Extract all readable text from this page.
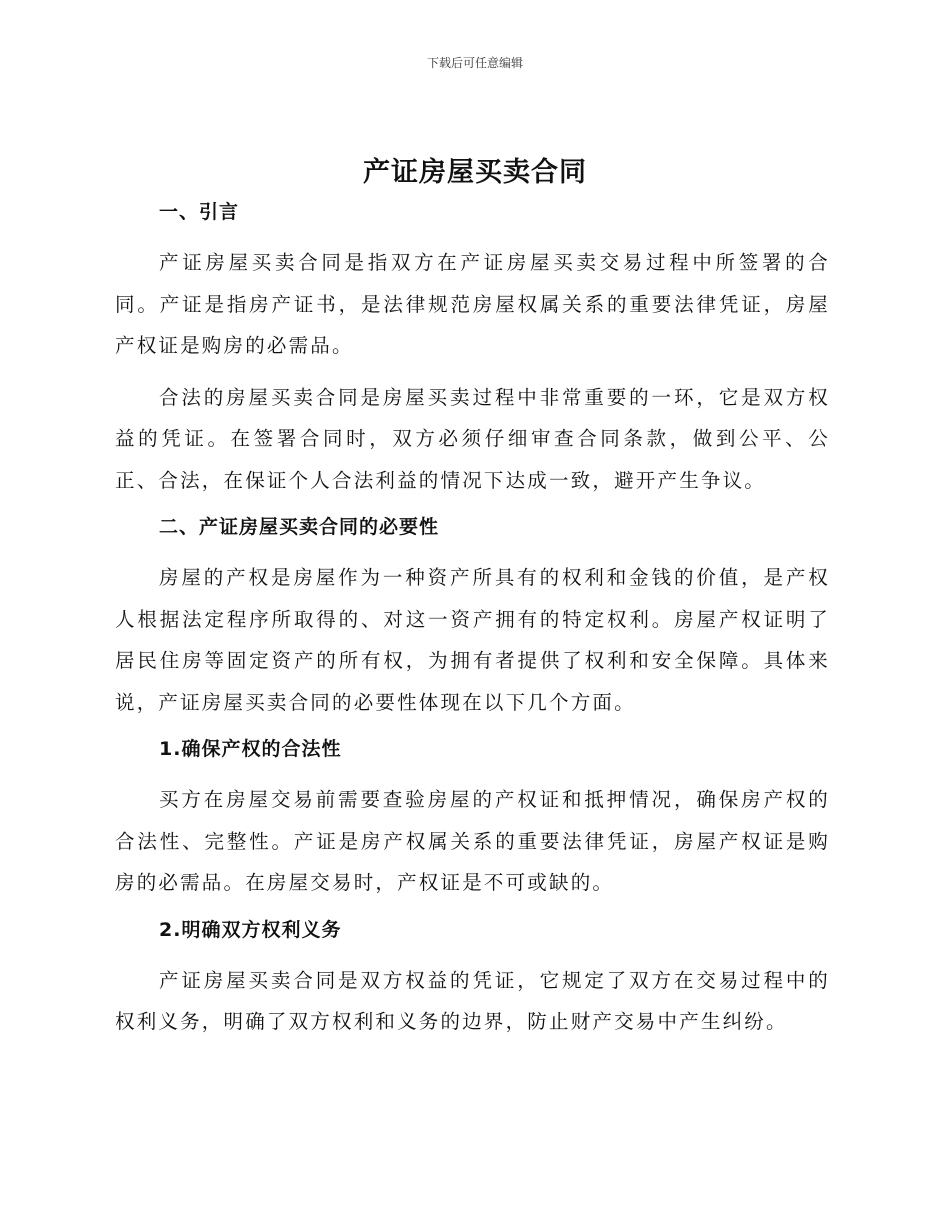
下载后可任意编辑
产证房屋买卖合同
一、引言

产证房屋买卖合同是指双方在产证房屋买卖交易过程中所签署的合同。产证是指房产证书，是法律规范房屋权属关系的重要法律凭证，房屋产权证是购房的必需品。

合法的房屋买卖合同是房屋买卖过程中非常重要的一环，它是双方权益的凭证。在签署合同时，双方必须仔细审查合同条款，做到公平、公正、合法，在保证个人合法利益的情况下达成一致，避开产生争议。

二、产证房屋买卖合同的必要性

房屋的产权是房屋作为一种资产所具有的权利和金钱的价值，是产权人根据法定程序所取得的、对这一资产拥有的特定权利。房屋产权证明了居民住房等固定资产的所有权，为拥有者提供了权利和安全保障。具体来说，产证房屋买卖合同的必要性体现在以下几个方面。

1.确保产权的合法性

买方在房屋交易前需要查验房屋的产权证和抵押情况，确保房产权的合法性、完整性。产证是房产权属关系的重要法律凭证，房屋产权证是购房的必需品。在房屋交易时，产权证是不可或缺的。

2.明确双方权利义务

产证房屋买卖合同是双方权益的凭证，它规定了双方在交易过程中的权利义务，明确了双方权利和义务的边界，防止财产交易中产生纠纷。
